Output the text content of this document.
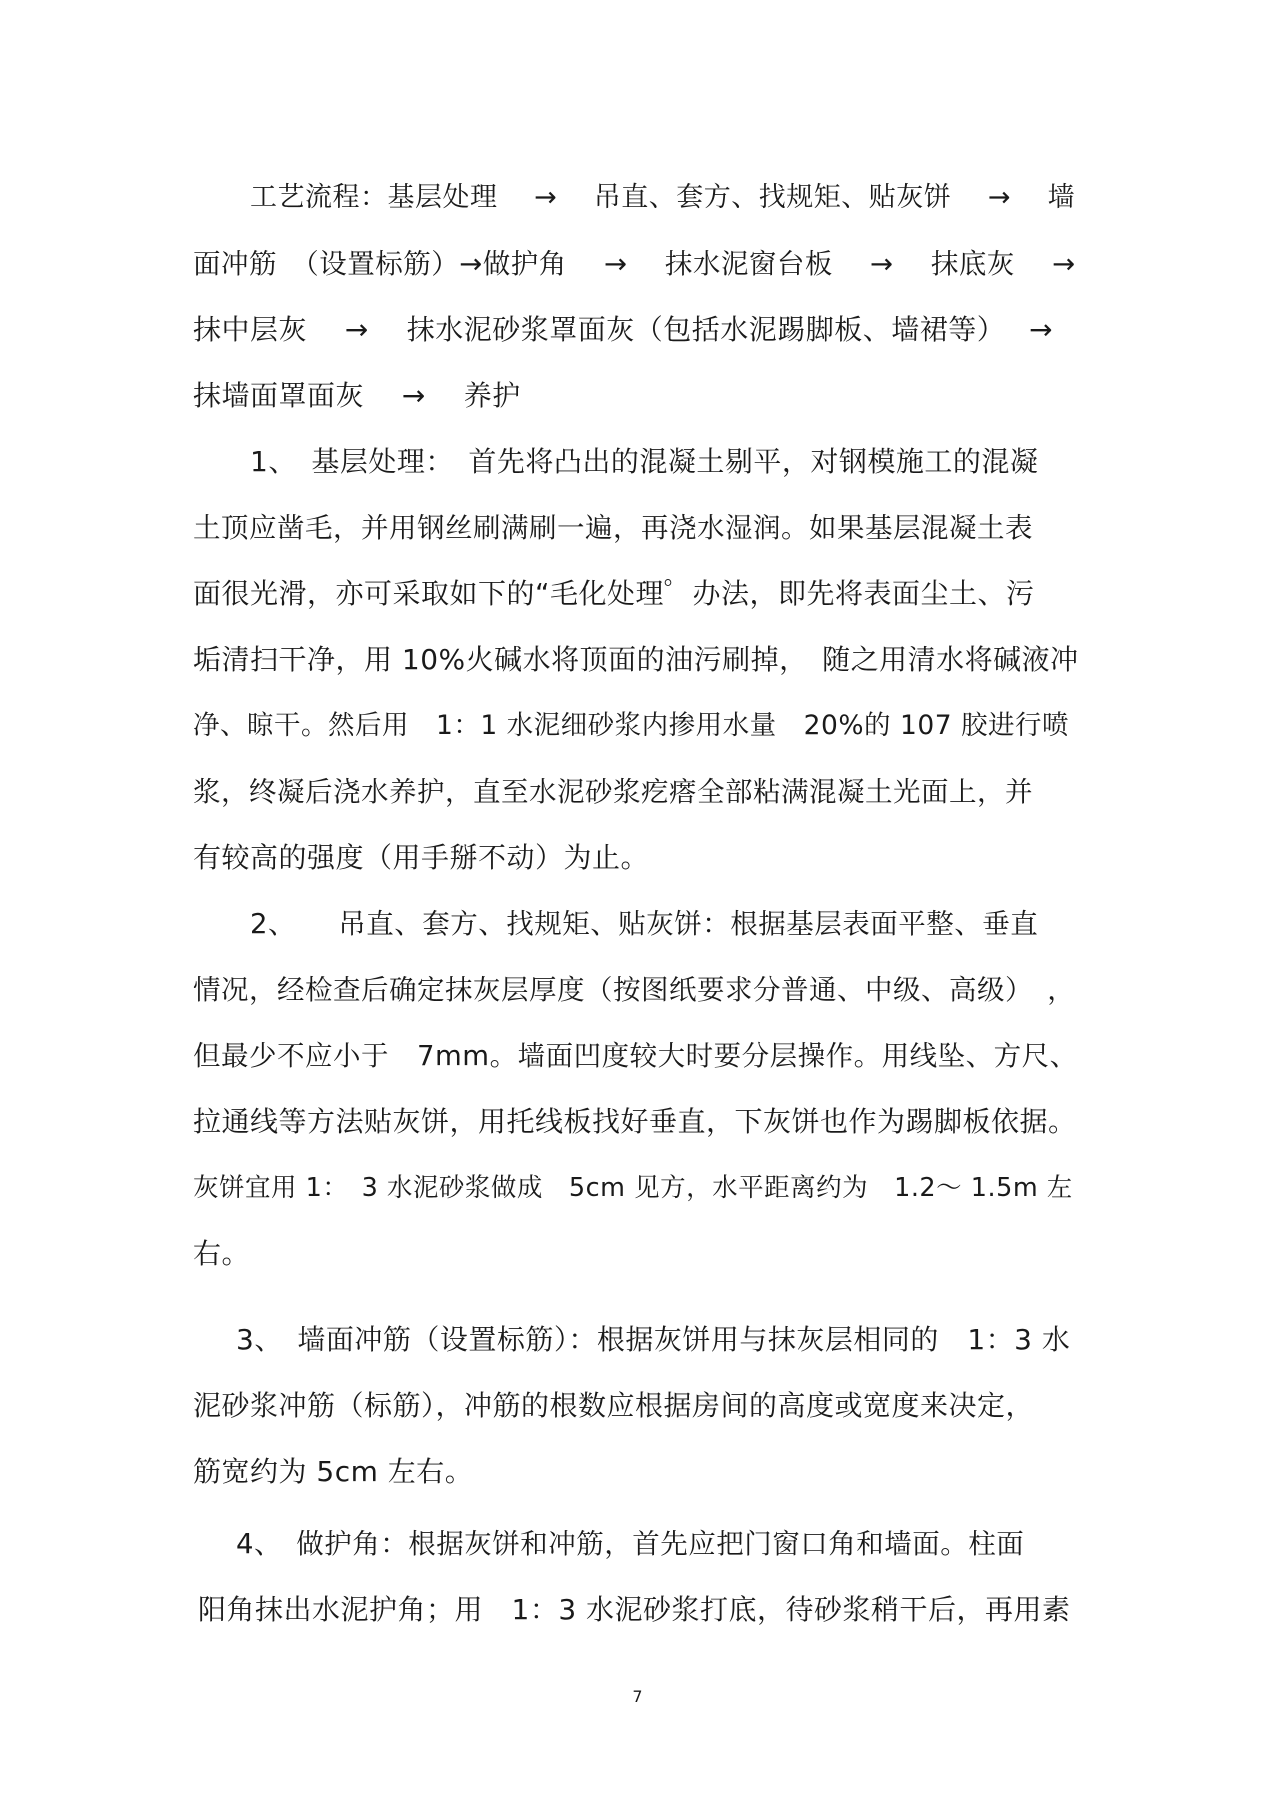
工艺流程：基层处理　 →　 吊直、套方、找规矩、贴灰饼　 →　 墙
面冲筋　（设置标筋）→做护角　 →　 抹水泥窗台板　 →　 抹底灰　 →
抹中层灰　 →　 抹水泥砂浆罩面灰（包括水泥踢脚板、墙裙等）　 →
抹墙面罩面灰　 →　 养护
1、　基层处理：　首先将凸出的混凝土剔平，对钢模施工的混凝
土顶应凿毛，并用钢丝刷满刷一遍，再浇水湿润。如果基层混凝土表
面很光滑，亦可采取如下的“毛化处理゜办法，即先将表面尘土、污
垢清扫干净，用 10%火碱水将顶面的油污刷掉，　随之用清水将碱液冲
净、晾干。然后用　1：1 水泥细砂浆内掺用水量　20%的 107 胶进行喷
浆，终凝后浇水养护，直至水泥砂浆疙瘩全部粘满混凝土光面上，并
有较高的强度（用手掰不动）为止。
2、　　吊直、套方、找规矩、贴灰饼：根据基层表面平整、垂直
情况，经检查后确定抹灰层厚度（按图纸要求分普通、中级、高级）　，
但最少不应小于　7mm。墙面凹度较大时要分层操作。用线坠、方尺、
拉通线等方法贴灰饼，用托线板找好垂直，下灰饼也作为踢脚板依据。
灰饼宜用 1：　3 水泥砂浆做成　5cm 见方，水平距离约为　1.2～ 1.5m 左
右。
3、　墙面冲筋（设置标筋）：根据灰饼用与抹灰层相同的　1：3 水
泥砂浆冲筋（标筋），冲筋的根数应根据房间的高度或宽度来决定，
筋宽约为 5cm 左右。
4、　做护角：根据灰饼和冲筋，首先应把门窗口角和墙面。柱面
阳角抹出水泥护角；用　1：3 水泥砂浆打底，待砂浆稍干后，再用素
7
